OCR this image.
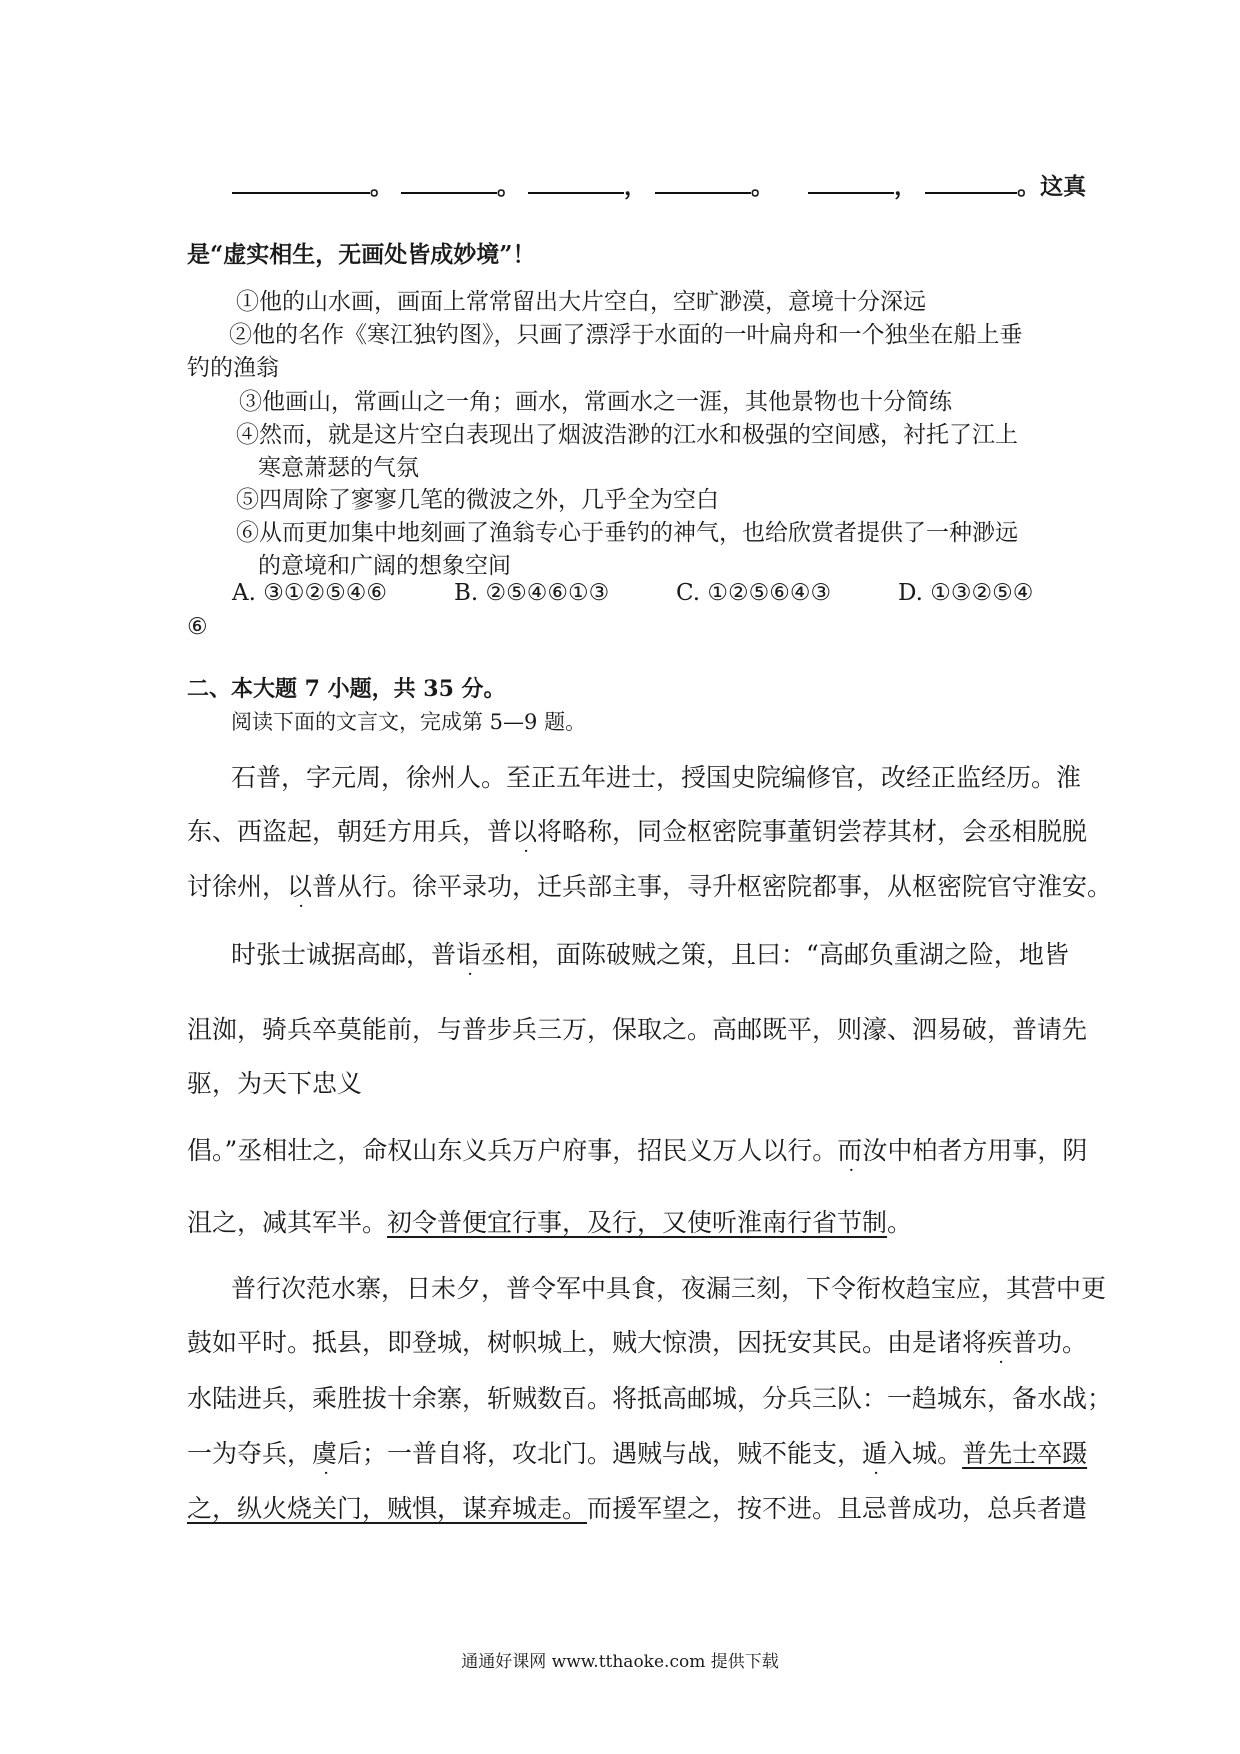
。	。	，	。	，	。这真
是“虚实相生，无画处皆成妙境”！
①他的山水画，画面上常常留出大片空白，空旷渺漠，意境十分深远
②他的名作《寒江独钓图》，只画了漂浮于水面的一叶扁舟和一个独坐在船上垂
钓的渔翁
③他画山，常画山之一角；画水，常画水之一涯，其他景物也十分简练
④然而，就是这片空白表现出了烟波浩渺的江水和极强的空间感，衬托了江上
寒意萧瑟的气氛
⑤四周除了寥寥几笔的微波之外，几乎全为空白
⑥从而更加集中地刻画了渔翁专心于垂钓的神气，也给欣赏者提供了一种渺远
的意境和广阔的想象空间
A. ③①②⑤④⑥	B. ②⑤④⑥①③	C. ①②⑤⑥④③	D. ①③②⑤④
⑥
二、本大题 7 小题，共 35 分。
阅读下面的文言文，完成第 5—9 题。
石普，字元周，徐州人。至正五年进士，授国史院编修官，改经正监经历。淮
东、西盗起，朝廷方用兵，普以将略称，同佥枢密院事董钥尝荐其材，会丞相脱脱
讨徐州，以普从行。徐平录功，迁兵部主事，寻升枢密院都事，从枢密院官守淮安。
时张士诚据高邮，普诣丞相，面陈破贼之策，且曰：“高邮负重湖之险，地皆
沮洳，骑兵卒莫能前，与普步兵三万，保取之。高邮既平，则濠、泗易破，普请先
驱，为天下忠义
倡。”丞相壮之，命权山东义兵万户府事，招民义万人以行。而汝中柏者方用事，阴
沮之，减其军半。初令普便宜行事，及行，又使听淮南行省节制。
普行次范水寨，日未夕，普令军中具食，夜漏三刻，下令衔枚趋宝应，其营中更
鼓如平时。抵县，即登城，树帜城上，贼大惊溃，因抚安其民。由是诸将疾普功。
水陆进兵，乘胜拔十余寨，斩贼数百。将抵高邮城，分兵三队：一趋城东，备水战；
一为夺兵，虞后；一普自将，攻北门。遇贼与战，贼不能支，遁入城。普先士卒蹑
之，纵火烧关门，贼惧，谋弃城走。而援军望之，按不进。且忌普成功，总兵者遣
通通好课网 www.tthaoke.com 提供下载
